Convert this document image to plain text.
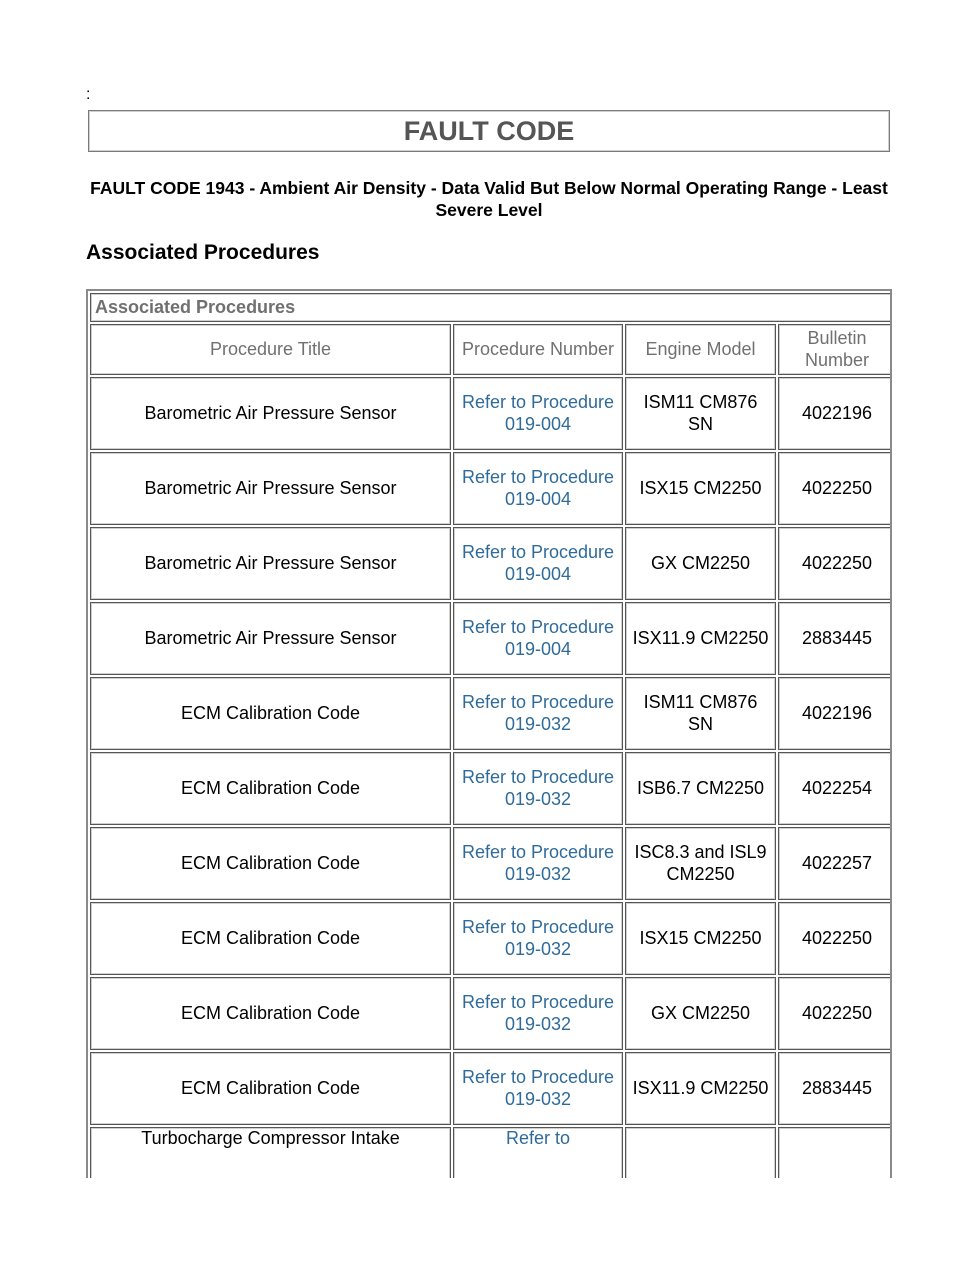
:
FAULT CODE
FAULT CODE 1943 - Ambient Air Density - Data Valid But Below Normal Operating Range - Least Severe Level
Associated Procedures
Associated Procedures			
Procedure Title	Procedure Number	Engine Model	Bulletin Number
Barometric Air Pressure Sensor	Refer to Procedure 019-004	ISM11 CM876 SN	4022196
Barometric Air Pressure Sensor	Refer to Procedure 019-004	ISX15 CM2250	4022250
Barometric Air Pressure Sensor	Refer to Procedure 019-004	GX CM2250	4022250
Barometric Air Pressure Sensor	Refer to Procedure 019-004	ISX11.9 CM2250	2883445
ECM Calibration Code	Refer to Procedure 019-032	ISM11 CM876 SN	4022196
ECM Calibration Code	Refer to Procedure 019-032	ISB6.7 CM2250	4022254
ECM Calibration Code	Refer to Procedure 019-032	ISC8.3 and ISL9 CM2250	4022257
ECM Calibration Code	Refer to Procedure 019-032	ISX15 CM2250	4022250
ECM Calibration Code	Refer to Procedure 019-032	GX CM2250	4022250
ECM Calibration Code	Refer to Procedure 019-032	ISX11.9 CM2250	2883445
Turbocharge Compressor Intake	Refer to		
